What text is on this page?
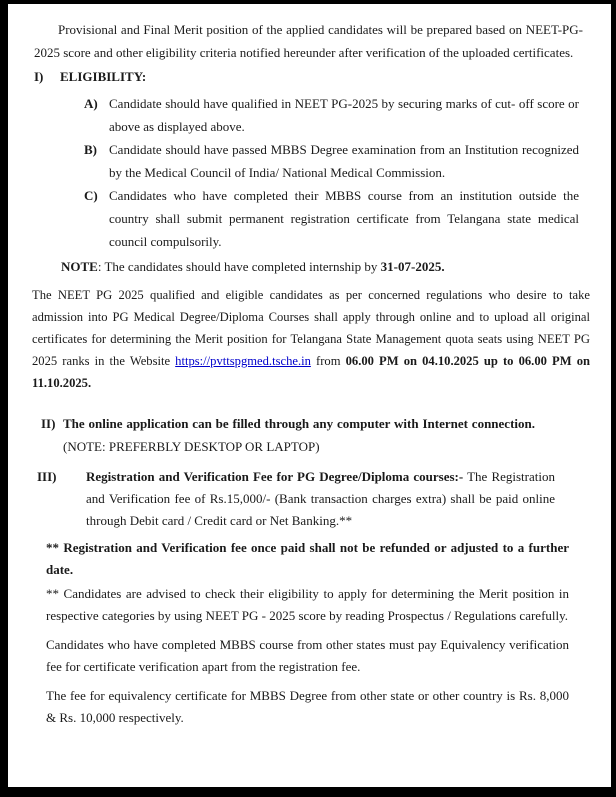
Provisional and Final Merit position of the applied candidates will be prepared based on NEET-PG-2025 score and other eligibility criteria notified hereunder after verification of the uploaded certificates.

I)	ELIGIBILITY:
A) Candidate should have qualified in NEET PG-2025 by securing marks of cut- off score or above as displayed above.
B) Candidate should have passed MBBS Degree examination from an Institution recognized by the Medical Council of India/ National Medical Commission.
C) Candidates who have completed their MBBS course from an institution outside the country shall submit permanent registration certificate from Telangana state medical council compulsorily.

NOTE: The candidates should have completed internship by 31-07-2025.

The NEET PG 2025 qualified and eligible candidates as per concerned regulations who desire to take admission into PG Medical Degree/Diploma Courses shall apply through online and to upload all original certificates for determining the Merit position for Telangana State Management quota seats using NEET PG 2025 ranks in the Website https://pvttspgmed.tsche.in from 06.00 PM on 04.10.2025 up to 06.00 PM on 11.10.2025.

II) The online application can be filled through any computer with Internet connection. (NOTE: PREFERBLY DESKTOP OR LAPTOP)
III)	Registration and Verification Fee for PG Degree/Diploma courses:- The Registration and Verification fee of Rs.15,000/- (Bank transaction charges extra) shall be paid online through Debit card / Credit card or Net Banking.**

** Registration and Verification fee once paid shall not be refunded or adjusted to a further date.

** Candidates are advised to check their eligibility to apply for determining the Merit position in respective categories by using NEET PG - 2025 score by reading Prospectus / Regulations carefully.

Candidates who have completed MBBS course from other states must pay Equivalency verification fee for certificate verification apart from the registration fee.

The fee for equivalency certificate for MBBS Degree from other state or other country is Rs. 8,000 & Rs. 10,000 respectively.
